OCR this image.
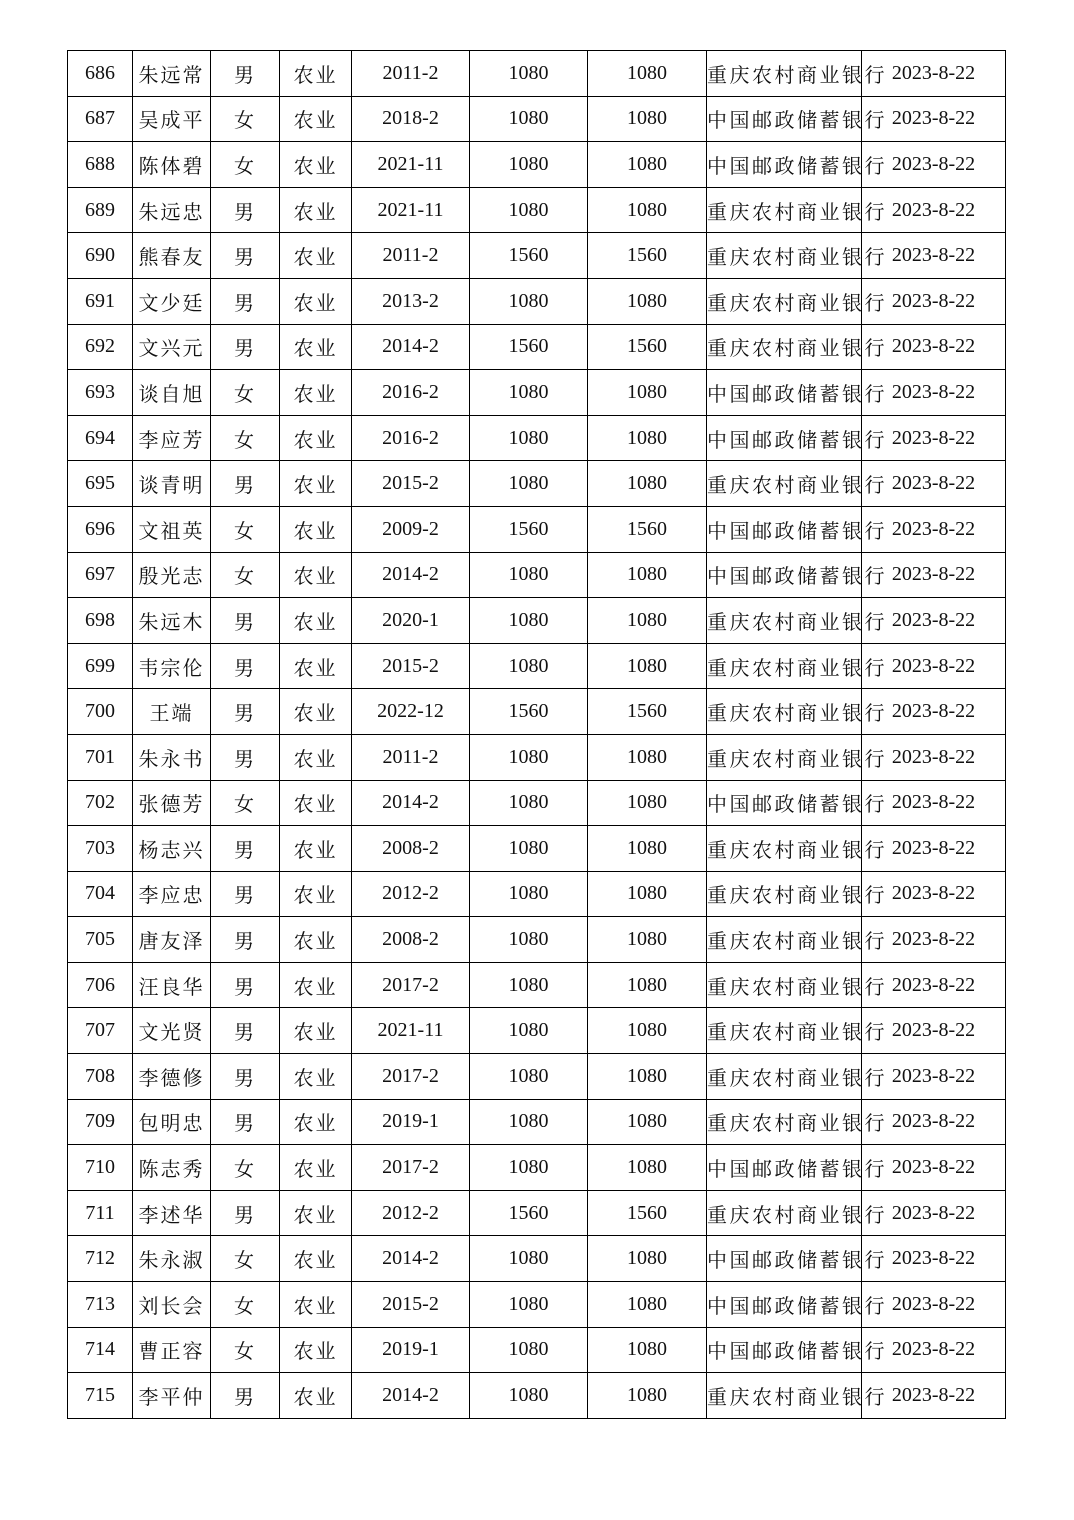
686	朱远常	男	农业	2011-2	1080	1080	重庆农村商业银行	2023-8-22
687	吴成平	女	农业	2018-2	1080	1080	中国邮政储蓄银行	2023-8-22
688	陈体碧	女	农业	2021-11	1080	1080	中国邮政储蓄银行	2023-8-22
689	朱远忠	男	农业	2021-11	1080	1080	重庆农村商业银行	2023-8-22
690	熊春友	男	农业	2011-2	1560	1560	重庆农村商业银行	2023-8-22
691	文少廷	男	农业	2013-2	1080	1080	重庆农村商业银行	2023-8-22
692	文兴元	男	农业	2014-2	1560	1560	重庆农村商业银行	2023-8-22
693	谈自旭	女	农业	2016-2	1080	1080	中国邮政储蓄银行	2023-8-22
694	李应芳	女	农业	2016-2	1080	1080	中国邮政储蓄银行	2023-8-22
695	谈青明	男	农业	2015-2	1080	1080	重庆农村商业银行	2023-8-22
696	文祖英	女	农业	2009-2	1560	1560	中国邮政储蓄银行	2023-8-22
697	殷光志	女	农业	2014-2	1080	1080	中国邮政储蓄银行	2023-8-22
698	朱远木	男	农业	2020-1	1080	1080	重庆农村商业银行	2023-8-22
699	韦宗伦	男	农业	2015-2	1080	1080	重庆农村商业银行	2023-8-22
700	王端	男	农业	2022-12	1560	1560	重庆农村商业银行	2023-8-22
701	朱永书	男	农业	2011-2	1080	1080	重庆农村商业银行	2023-8-22
702	张德芳	女	农业	2014-2	1080	1080	中国邮政储蓄银行	2023-8-22
703	杨志兴	男	农业	2008-2	1080	1080	重庆农村商业银行	2023-8-22
704	李应忠	男	农业	2012-2	1080	1080	重庆农村商业银行	2023-8-22
705	唐友泽	男	农业	2008-2	1080	1080	重庆农村商业银行	2023-8-22
706	汪良华	男	农业	2017-2	1080	1080	重庆农村商业银行	2023-8-22
707	文光贤	男	农业	2021-11	1080	1080	重庆农村商业银行	2023-8-22
708	李德修	男	农业	2017-2	1080	1080	重庆农村商业银行	2023-8-22
709	包明忠	男	农业	2019-1	1080	1080	重庆农村商业银行	2023-8-22
710	陈志秀	女	农业	2017-2	1080	1080	中国邮政储蓄银行	2023-8-22
711	李述华	男	农业	2012-2	1560	1560	重庆农村商业银行	2023-8-22
712	朱永淑	女	农业	2014-2	1080	1080	中国邮政储蓄银行	2023-8-22
713	刘长会	女	农业	2015-2	1080	1080	中国邮政储蓄银行	2023-8-22
714	曹正容	女	农业	2019-1	1080	1080	中国邮政储蓄银行	2023-8-22
715	李平仲	男	农业	2014-2	1080	1080	重庆农村商业银行	2023-8-22
